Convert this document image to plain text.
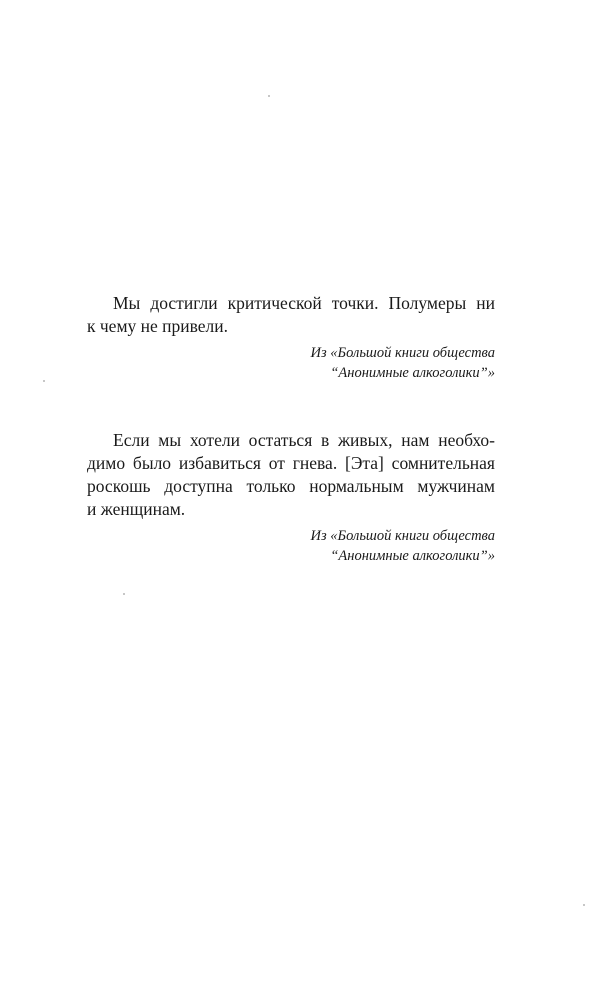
Мы достигли критической точки. Полумеры ни
к чему не привели.
Из «Большой книги общества
“Анонимные алкоголики”»
Если мы хотели остаться в живых, нам необхо-
димо было избавиться от гнева. [Эта] сомнительная
роскошь доступна только нормальным мужчинам
и женщинам.
Из «Большой книги общества
“Анонимные алкоголики”»
